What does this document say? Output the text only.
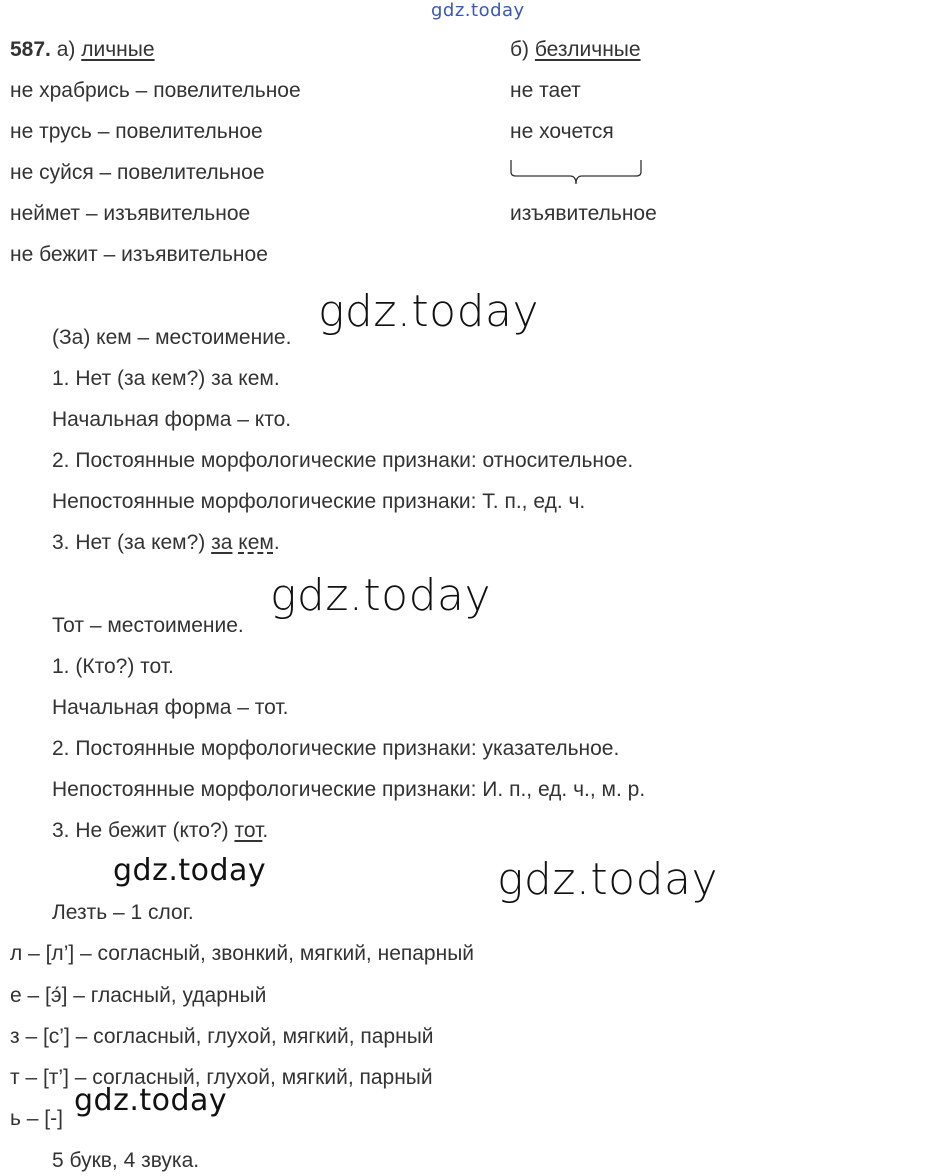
gdz.today
gdz.today
gdz.today
gdz.today	gdz.today
gdz.today
587. а) личные	б) безличные
не храбрись – повелительное
не трусь – повелительное
не суйся – повелительное
неймет – изъявительное
не бежит – изъявительное
не тает
не хочется
изъявительное
(За) кем – местоимение.
1. Нет (за кем?) за кем.
Начальная форма – кто.
2. Постоянные морфологические признаки: относительное.
Непостоянные морфологические признаки: Т. п., ед. ч.
3. Нет (за кем?) за кем.
Тот – местоимение.
1. (Кто?) тот.
Начальная форма – тот.
2. Постоянные морфологические признаки: указательное.
Непостоянные морфологические признаки: И. п., ед. ч., м. р.
3. Не бежит (кто?) тот.
Лезть – 1 слог.
л – [л’] – согласный, звонкий, мягкий, непарный
е – [э́] – гласный, ударный
з – [с’] – согласный, глухой, мягкий, парный
т – [т’] – согласный, глухой, мягкий, парный
ь – [-]
5 букв, 4 звука.
